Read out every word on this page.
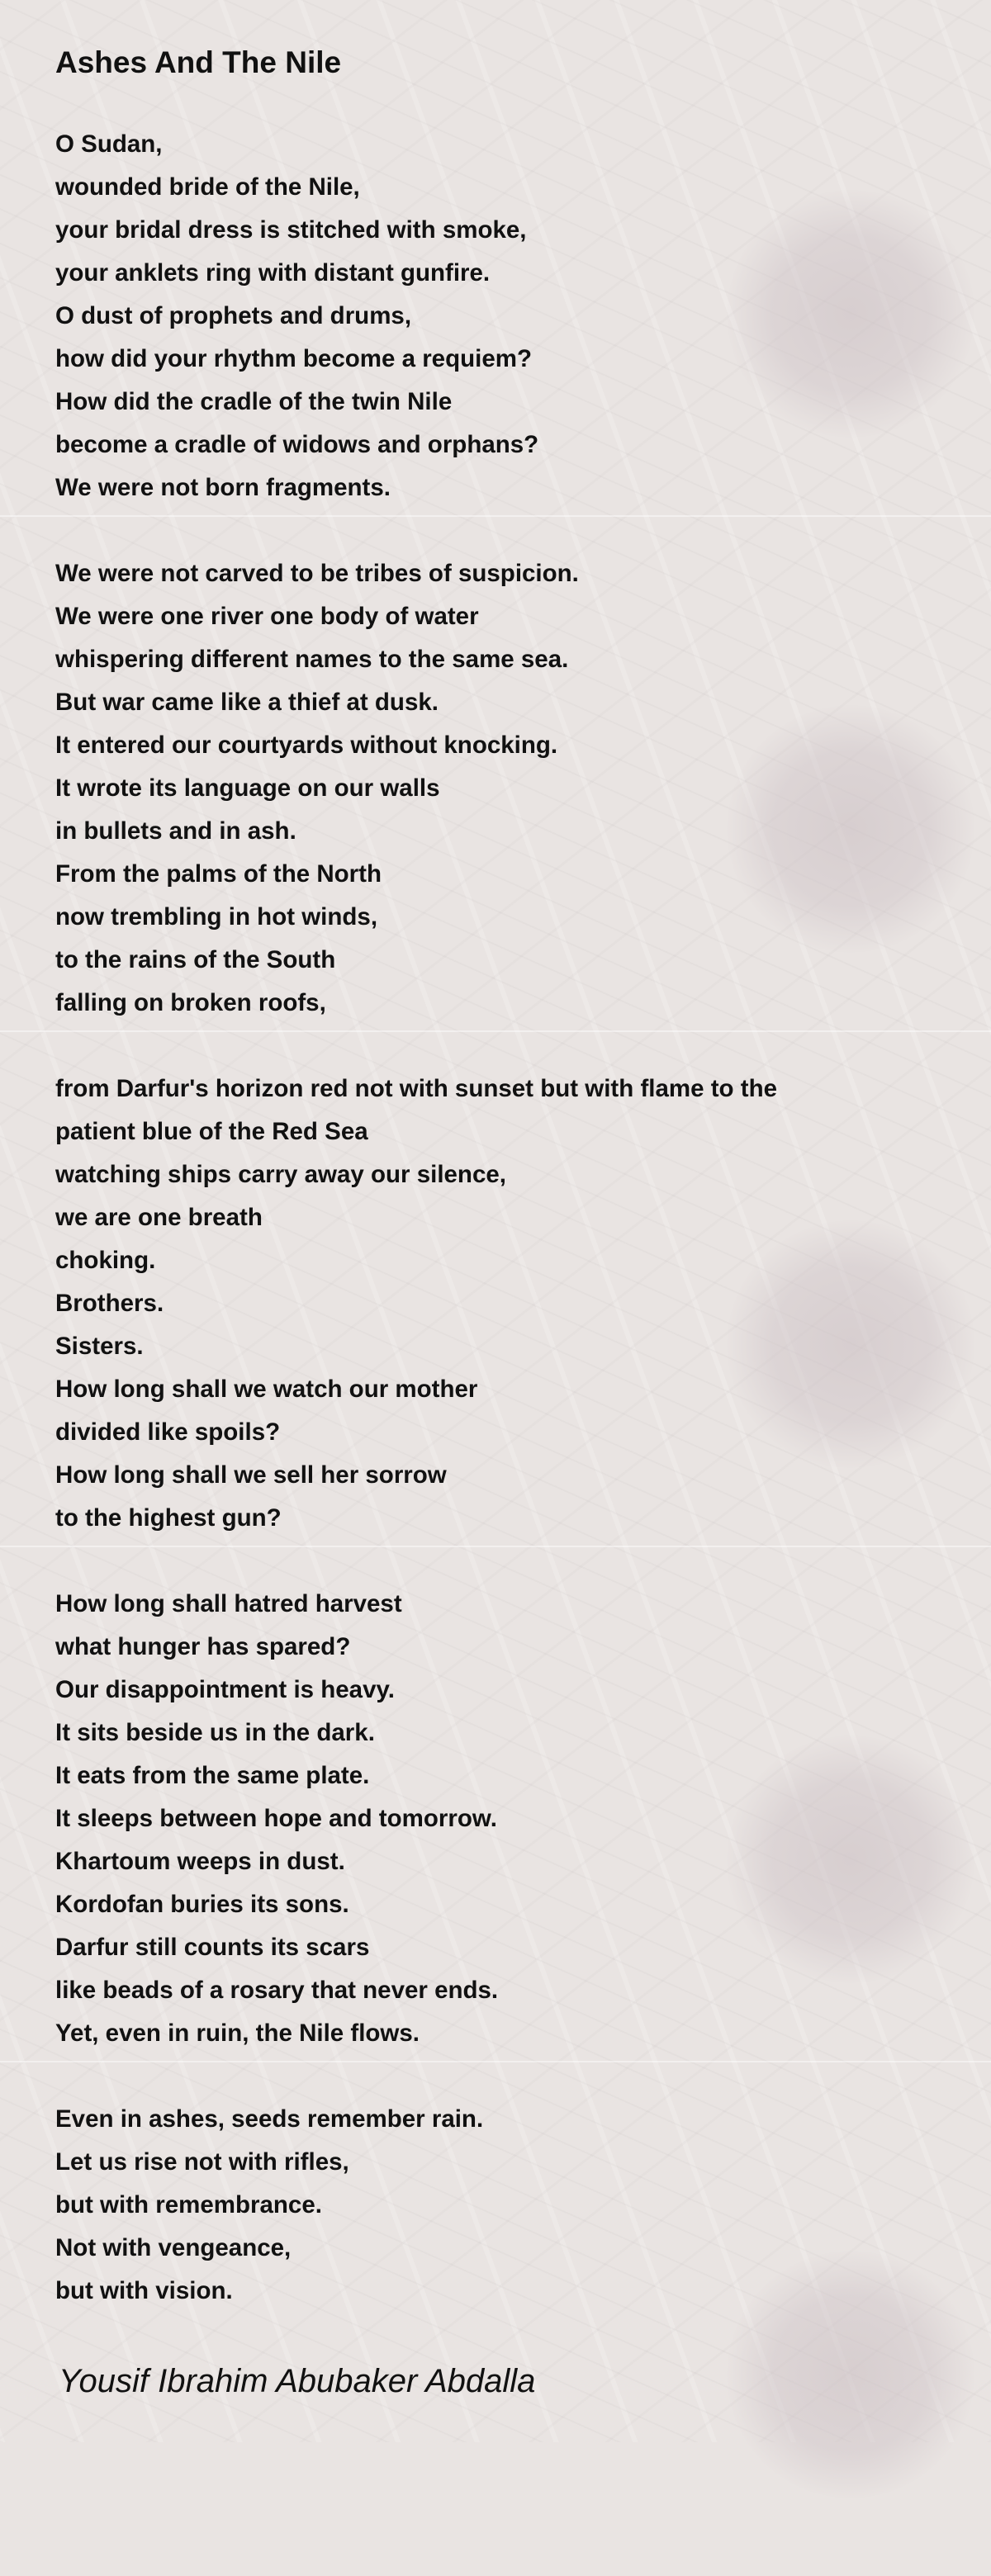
Ashes And The Nile
O Sudan,
wounded bride of the Nile,
your bridal dress is stitched with smoke,
your anklets ring with distant gunfire.
O dust of prophets and drums,
how did your rhythm become a requiem?
How did the cradle of the twin Nile
become a cradle of widows and orphans?
We were not born fragments.
We were not carved to be tribes of suspicion.
We were one river one body of water
whispering different names to the same sea.
But war came like a thief at dusk.
It entered our courtyards without knocking.
It wrote its language on our walls
in bullets and in ash.
From the palms of the North
now trembling in hot winds,
to the rains of the South
falling on broken roofs,
from Darfur's horizon red not with sunset but with flame to the
patient blue of the Red Sea
watching ships carry away our silence,
we are one breath
choking.
Brothers.
Sisters.
How long shall we watch our mother
divided like spoils?
How long shall we sell her sorrow
to the highest gun?
How long shall hatred harvest
what hunger has spared?
Our disappointment is heavy.
It sits beside us in the dark.
It eats from the same plate.
It sleeps between hope and tomorrow.
Khartoum weeps in dust.
Kordofan buries its sons.
Darfur still counts its scars
like beads of a rosary that never ends.
Yet, even in ruin, the Nile flows.
Even in ashes, seeds remember rain.
Let us rise not with rifles,
but with remembrance.
Not with vengeance,
but with vision.
Yousif Ibrahim Abubaker Abdalla
